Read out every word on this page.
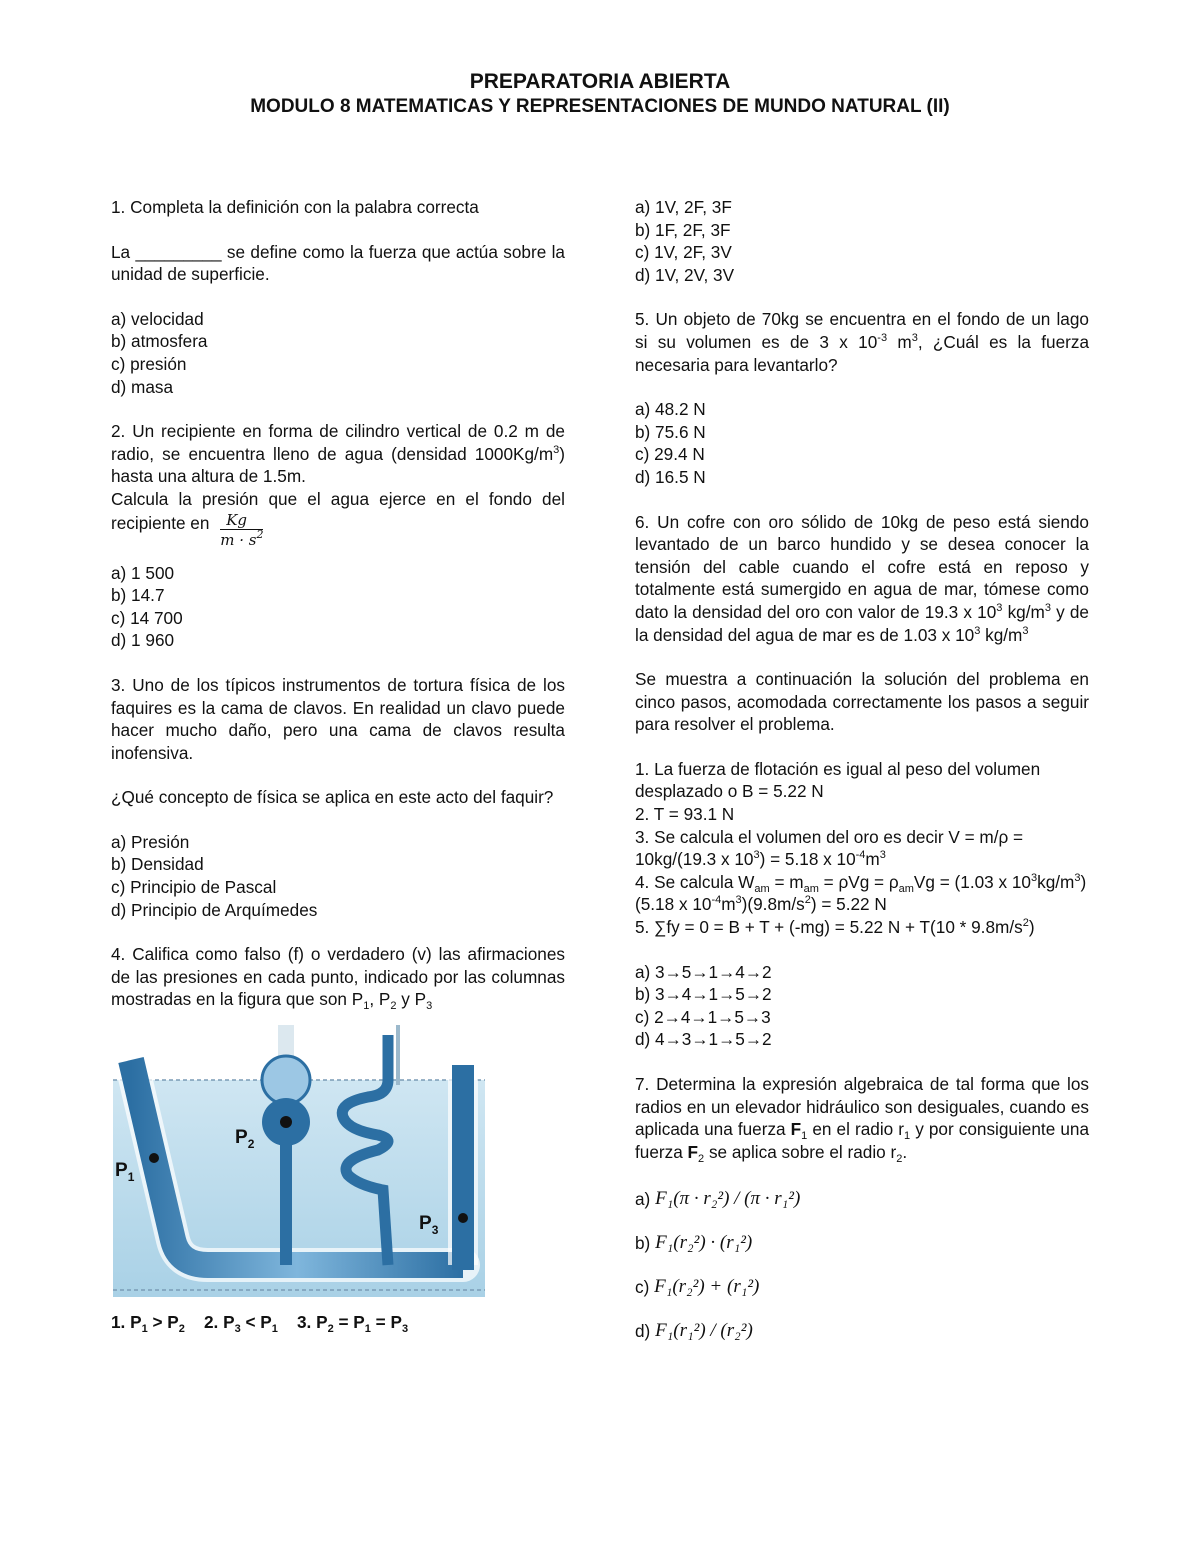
PREPARATORIA ABIERTA
MODULO 8 MATEMATICAS Y REPRESENTACIONES DE MUNDO NATURAL (II)

1. Completa la definición con la palabra correcta

La _________ se define como la fuerza que actúa sobre la unidad de superficie.

a) velocidad

b) atmosfera

c) presión

d) masa

2. Un recipiente en forma de cilindro vertical de 0.2 m de radio, se encuentra lleno de agua (densidad $1000Kg/m^3$) hasta una altura de 1.5m.

Calcula la presión que el agua ejerce en el fondo del recipiente en $\frac{Kg}{m \cdot s^2}$

a) 1 500

b) 14.7

c) 14 700

d) 1 960

3. Uno de los típicos instrumentos de tortura física de los faquires es la cama de clavos. En realidad un clavo puede hacer mucho daño, pero una cama de clavos resulta inofensiva.

¿Qué concepto de física se aplica en este acto del faquir?

a) Presión

b) Densidad

c) Principio de Pascal

d) Principio de Arquímedes

4. Califica como falso (f) o verdadero (v) las afirmaciones de las presiones en cada punto, indicado por las columnas mostradas en la figura que son $P_1$, $P_2$ y $P_3$

$P_1$
$P_2$
$P_3$

1. $P_1 > P_2$ 2. $P_3 < P_1$ 3. $P_2 = P_1 = P_3$

a) 1V, 2F, 3F

b) 1F, 2F, 3F

c) 1V, 2F, 3V

d) 1V, 2V, 3V

5. Un objeto de 70kg se encuentra en el fondo de un lago si su volumen es de 3 x $10^{-3}$ $m^3$, ¿Cuál es la fuerza necesaria para levantarlo?

a) 48.2 N

b) 75.6 N

c) 29.4 N

d) 16.5 N

6. Un cofre con oro sólido de 10kg de peso está siendo levantado de un barco hundido y se desea conocer la tensión del cable cuando el cofre está en reposo y totalmente está sumergido en agua de mar, tómese como dato la densidad del oro con valor de 19.3 x $10^3$ $kg/m^3$ y de la densidad del agua de mar es de 1.03 x $10^3$ $kg/m^3$

Se muestra a continuación la solución del problema en cinco pasos, acomodada correctamente los pasos a seguir para resolver el problema.

1. La fuerza de flotación es igual al peso del volumen desplazado o B = 5.22 N

2. T = 93.1 N

3. Se calcula el volumen del oro es decir V = m/ρ = 10kg/(19.3 x $10^3) = 5.18$ x $10^{-4}m^3$

4. Se calcula $W_{am} = m_{am} = \rho Vg = \rho_{am}Vg = (1.03$ x $10^3kg/m^3)(5.18$ x $10^{-4}m^3)(9.8m/s^2) = 5.22$ N

5. ∑fy = 0 = B + T + (-mg) = 5.22 $N + T(10 * 9.8m/s^2)$

a) 3→5→1→4→2

b) 3→4→1→5→2

c) 2→4→1→5→3

d) 4→3→1→5→2

7. Determina la expresión algebraica de tal forma que los radios en un elevador hidráulico son desiguales, cuando es aplicada una fuerza $F_1$ en el radio $r_1$ y por consiguiente una fuerza $F_2$ se aplica sobre el radio $r_2$.

a)
F₁(π · r₂²) / (π · r₁²)
b)
F₁(r₂²) · (r₁²)
c)
F₁(r₂²) + (r₁²)
d)
F₁(r₁²) / (r₂²)
